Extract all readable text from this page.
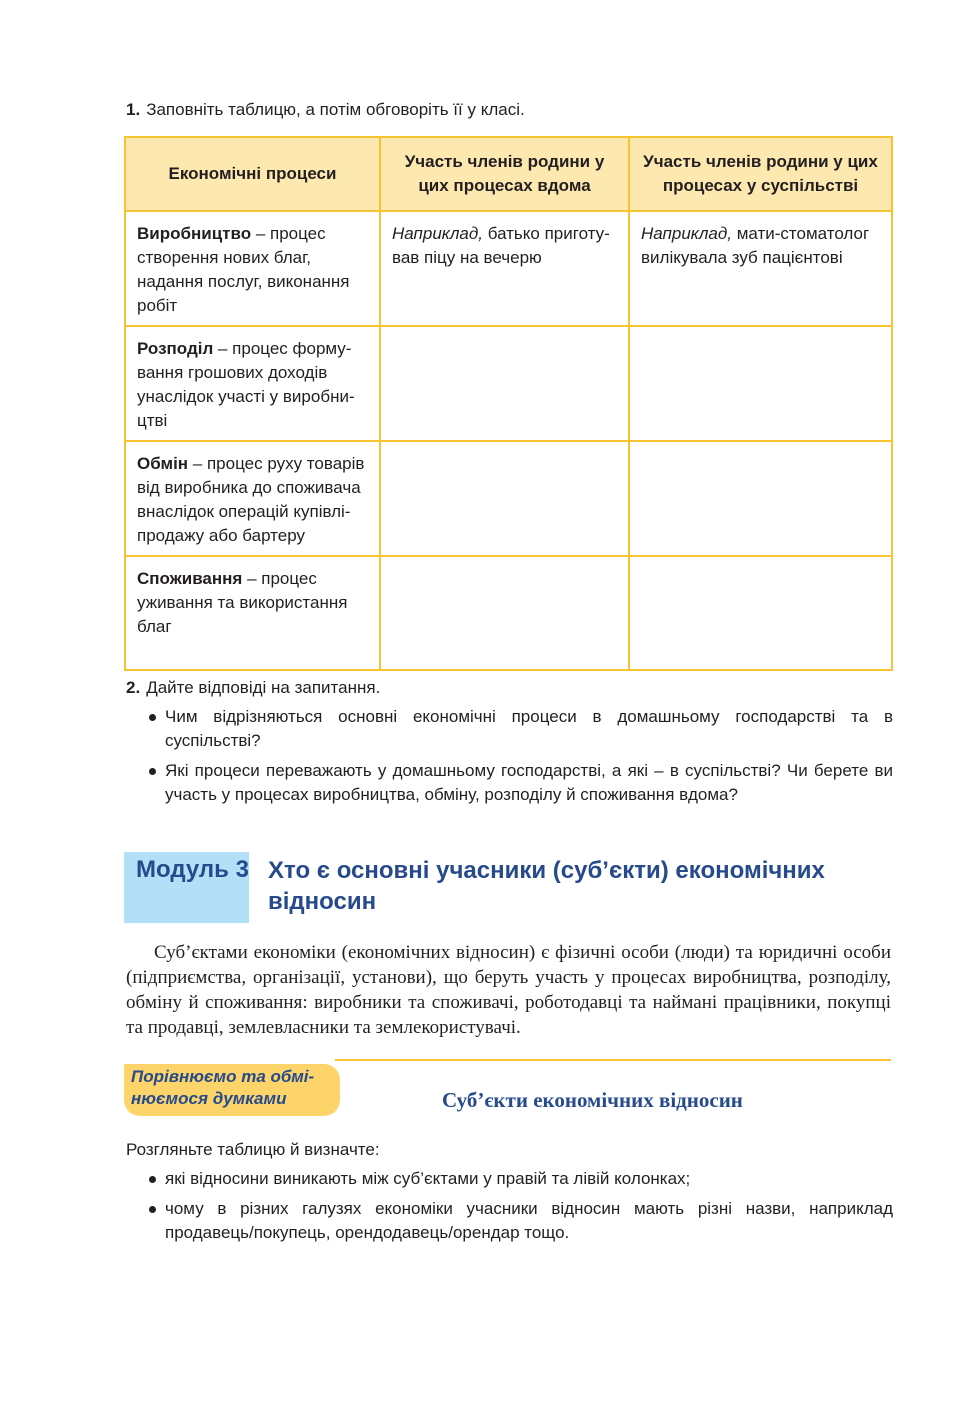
1. Заповніть таблицю, а потім обговоріть її у класі.
Економічні процеси	Участь членів родини у цих процесах вдома	Участь членів родини у цих процесах у суспільстві
Виробництво – процес створення нових благ, надання послуг, виконання робіт	Наприклад, батько приготував піцу на вечерю	Наприклад, мати-стоматолог вилікувала зуб пацієнтові
Розподіл – процес формування грошових доходів унаслідок участі у виробництві		
Обмін – процес руху товарів від виробника до споживача внаслідок операцій купівлі-продажу або бартеру		
Споживання – процес уживання та використання благ		
2. Дайте відповіді на запитання.
Чим відрізняються основні економічні процеси в домашньому господарстві та в суспільстві?
Які процеси переважають у домашньому господарстві, а які – в суспільстві? Чи берете ви участь у процесах виробництва, обміну, розподілу й споживання вдома?
Модуль 3 Хто є основні учасники (суб’єкти) економічних відносин

Суб’єктами економіки (економічних відносин) є фізичні особи (люди) та юридичні особи (підприємства, організації, установи), що беруть участь у процесах виробництва, розподілу, обміну й споживання: виробники та споживачі, роботодавці та наймані працівники, покупці та продавці, землевласники та землекористувачі.

Порівнюємо та обмінюємося думками	Суб’єкти економічних відносин
Розгляньте таблицю й визначте:
які відносини виникають між суб’єктами у правій та лівій колонках;
чому в різних галузях економіки учасники відносин мають різні назви, наприклад продавець/покупець, орендодавець/орендар тощо.
